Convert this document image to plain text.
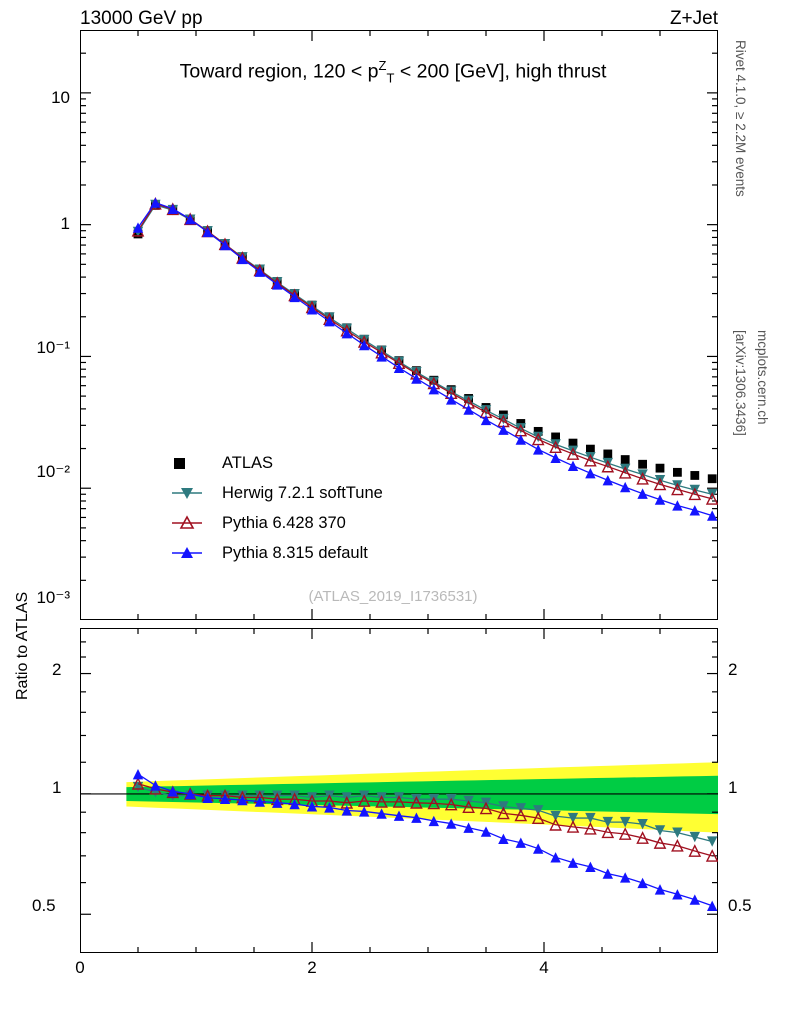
13000 GeV pp	Z+Jet
Toward region, $120 < p^Z_T < 200$ [GeV], high thrust	Rivet 4.1.0, ≥ 2.2M events
[arXiv:1306.3436] mcplots.cern.ch
10
1
10⁻¹
10⁻²
10⁻³
2
1
0.5
2
1
0.5
Ratio to ATLAS
0	2	4
(ATLAS_2019_I1736531)
ATLAS
Herwig 7.2.1 softTune
Pythia 6.428 370
Pythia 8.315 default
